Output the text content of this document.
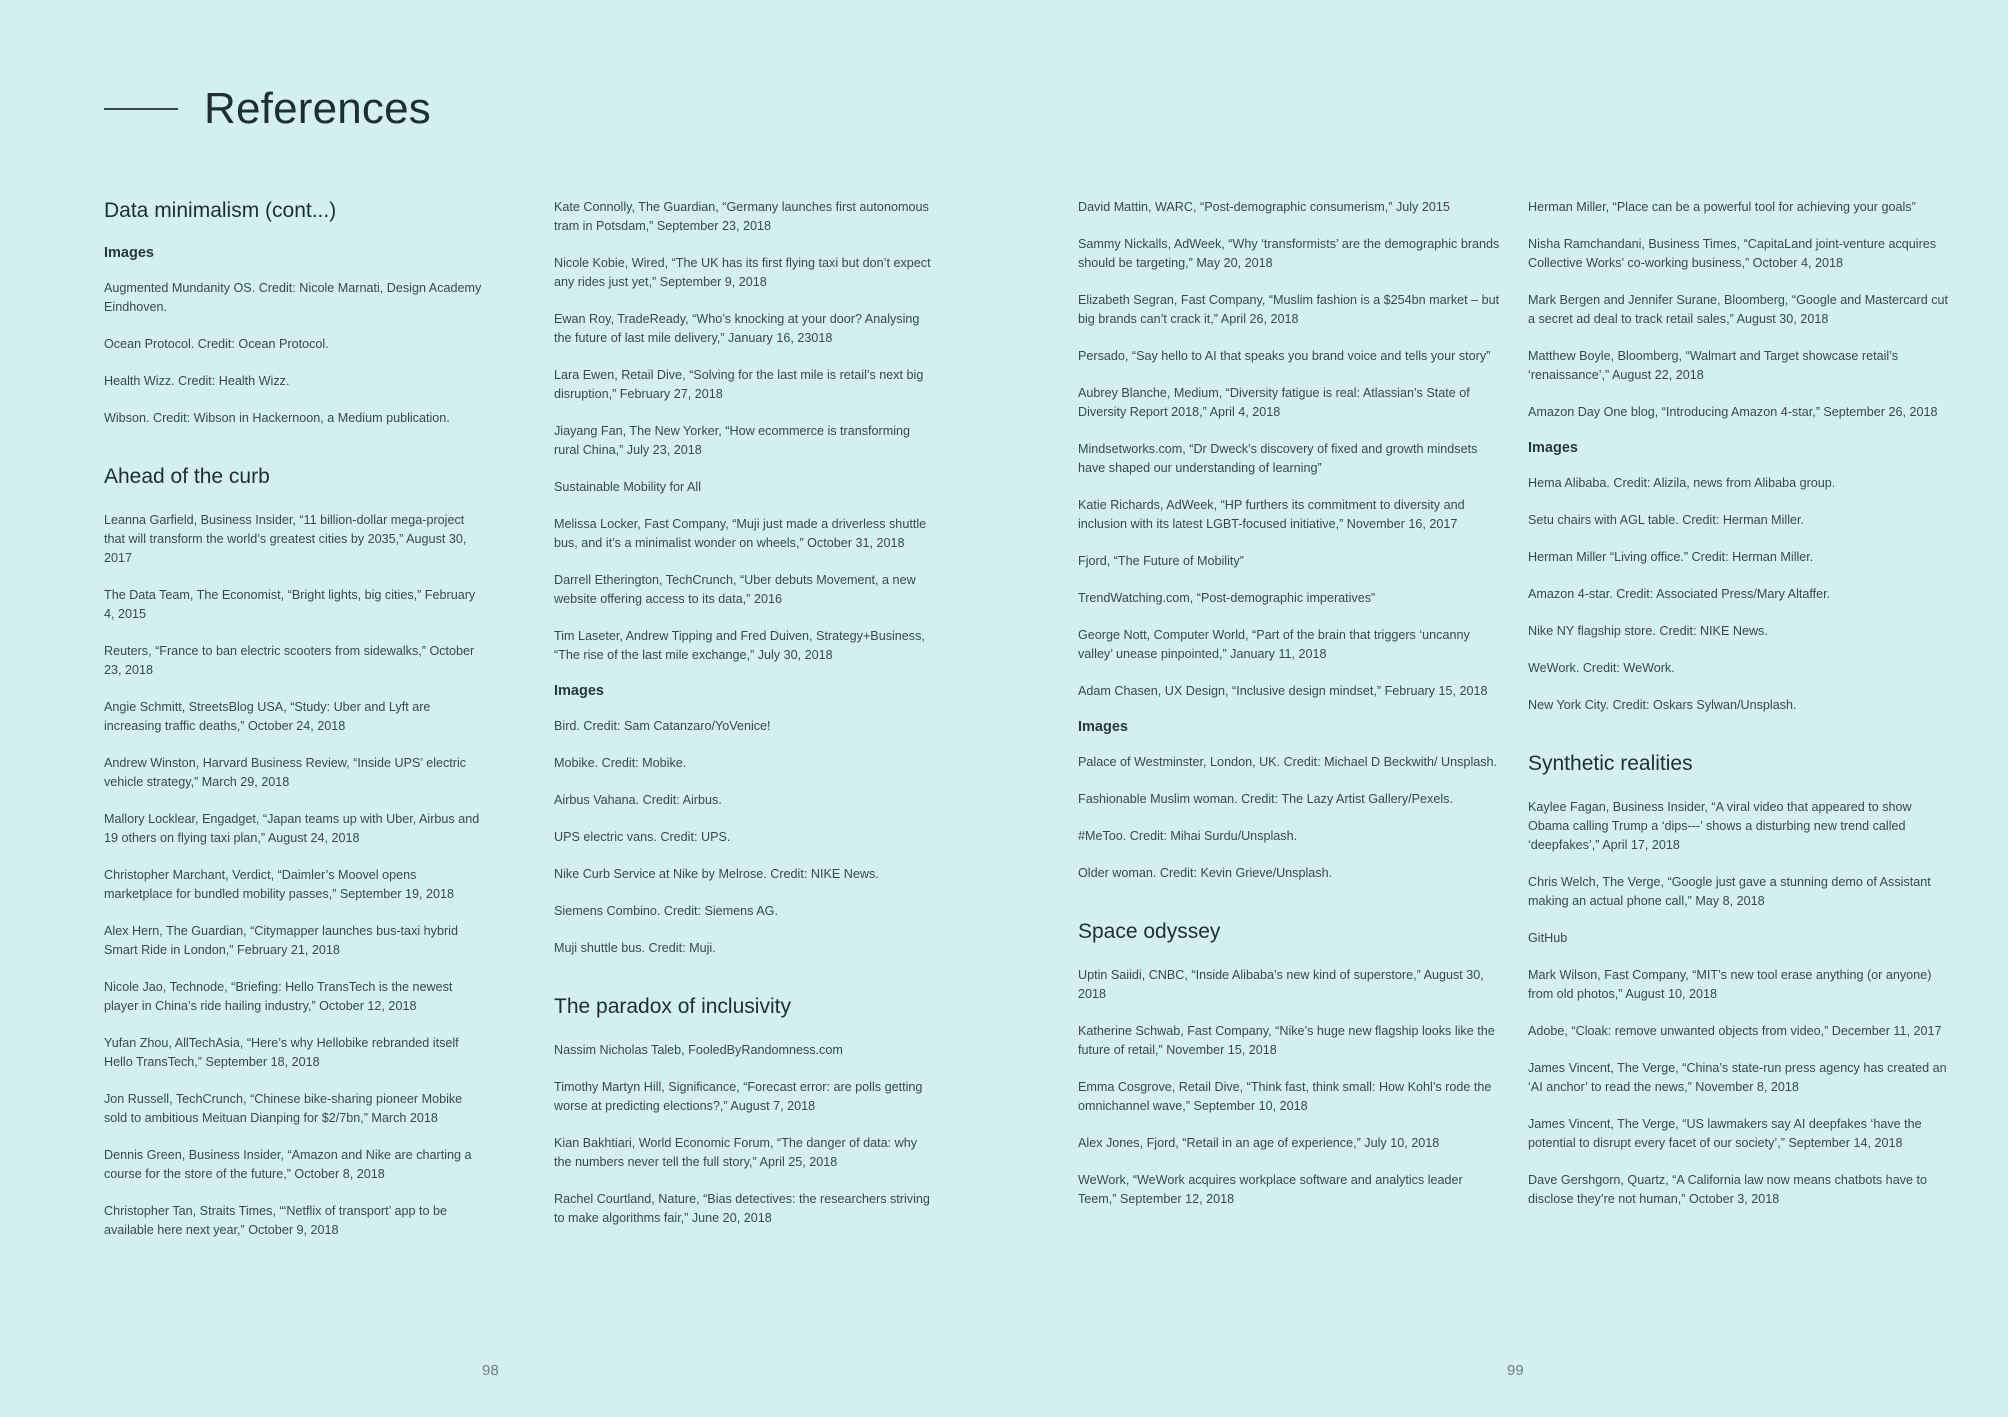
References
Data minimalism (cont...)
Images

Augmented Mundanity OS. Credit: Nicole Marnati, Design Academy Eindhoven.

Ocean Protocol. Credit: Ocean Protocol.

Health Wizz. Credit: Health Wizz.

Wibson. Credit: Wibson in Hackernoon, a Medium publication.

Ahead of the curb

Leanna Garfield, Business Insider, “11 billion-dollar mega-project that will transform the world’s greatest cities by 2035,” August 30, 2017

The Data Team, The Economist, “Bright lights, big cities,” February 4, 2015

Reuters, “France to ban electric scooters from sidewalks,” October 23, 2018

Angie Schmitt, StreetsBlog USA, “Study: Uber and Lyft are increasing traffic deaths,” October 24, 2018

Andrew Winston, Harvard Business Review, “Inside UPS’ electric vehicle strategy,” March 29, 2018

Mallory Locklear, Engadget, “Japan teams up with Uber, Airbus and 19 others on flying taxi plan,” August 24, 2018

Christopher Marchant, Verdict, “Daimler’s Moovel opens marketplace for bundled mobility passes,” September 19, 2018

Alex Hern, The Guardian, “Citymapper launches bus-taxi hybrid Smart Ride in London,” February 21, 2018

Nicole Jao, Technode, “Briefing: Hello TransTech is the newest player in China’s ride hailing industry,” October 12, 2018

Yufan Zhou, AllTechAsia, “Here’s why Hellobike rebranded itself Hello TransTech,” September 18, 2018

Jon Russell, TechCrunch, “Chinese bike-sharing pioneer Mobike sold to ambitious Meituan Dianping for $2/7bn,” March 2018

Dennis Green, Business Insider, “Amazon and Nike are charting a course for the store of the future,” October 8, 2018

Christopher Tan, Straits Times, “‘Netflix of transport’ app to be available here next year,” October 9, 2018

Kate Connolly, The Guardian, “Germany launches first autonomous tram in Potsdam,” September 23, 2018

Nicole Kobie, Wired, “The UK has its first flying taxi but don’t expect any rides just yet,” September 9, 2018

Ewan Roy, TradeReady, “Who’s knocking at your door? Analysing the future of last mile delivery,” January 16, 23018

Lara Ewen, Retail Dive, “Solving for the last mile is retail’s next big disruption,” February 27, 2018

Jiayang Fan, The New Yorker, “How ecommerce is transforming rural China,” July 23, 2018

Sustainable Mobility for All

Melissa Locker, Fast Company, “Muji just made a driverless shuttle bus, and it’s a minimalist wonder on wheels,” October 31, 2018

Darrell Etherington, TechCrunch, “Uber debuts Movement, a new website offering access to its data,” 2016

Tim Laseter, Andrew Tipping and Fred Duiven, Strategy+Business, “The rise of the last mile exchange,” July 30, 2018

Images

Bird. Credit: Sam Catanzaro/YoVenice!

Mobike. Credit: Mobike.

Airbus Vahana. Credit: Airbus.

UPS electric vans. Credit: UPS.

Nike Curb Service at Nike by Melrose. Credit: NIKE News.

Siemens Combino. Credit: Siemens AG.

Muji shuttle bus. Credit: Muji.

The paradox of inclusivity

Nassim Nicholas Taleb, FooledByRandomness.com

Timothy Martyn Hill, Significance, “Forecast error: are polls getting worse at predicting elections?,” August 7, 2018

Kian Bakhtiari, World Economic Forum, “The danger of data: why the numbers never tell the full story,” April 25, 2018

Rachel Courtland, Nature, “Bias detectives: the researchers striving to make algorithms fair,” June 20, 2018

David Mattin, WARC, “Post-demographic consumerism,” July 2015

Sammy Nickalls, AdWeek, “Why ‘transformists’ are the demographic brands should be targeting,” May 20, 2018

Elizabeth Segran, Fast Company, “Muslim fashion is a $254bn market – but big brands can’t crack it,” April 26, 2018

Persado, “Say hello to AI that speaks you brand voice and tells your story”

Aubrey Blanche, Medium, “Diversity fatigue is real: Atlassian’s State of Diversity Report 2018,” April 4, 2018

Mindsetworks.com, “Dr Dweck’s discovery of fixed and growth mindsets have shaped our understanding of learning”

Katie Richards, AdWeek, “HP furthers its commitment to diversity and inclusion with its latest LGBT-focused initiative,” November 16, 2017

Fjord, “The Future of Mobility”

TrendWatching.com, “Post-demographic imperatives”

George Nott, Computer World, “Part of the brain that triggers ‘uncanny valley’ unease pinpointed,” January 11, 2018

Adam Chasen, UX Design, “Inclusive design mindset,” February 15, 2018

Images

Palace of Westminster, London, UK. Credit: Michael D Beckwith/ Unsplash.

Fashionable Muslim woman. Credit: The Lazy Artist Gallery/Pexels.

#MeToo. Credit: Mihai Surdu/Unsplash.

Older woman. Credit: Kevin Grieve/Unsplash.

Space odyssey

Uptin Saiidi, CNBC, “Inside Alibaba’s new kind of superstore,” August 30, 2018

Katherine Schwab, Fast Company, “Nike’s huge new flagship looks like the future of retail,” November 15, 2018

Emma Cosgrove, Retail Dive, “Think fast, think small: How Kohl’s rode the omnichannel wave,” September 10, 2018

Alex Jones, Fjord, “Retail in an age of experience,” July 10, 2018

WeWork, “WeWork acquires workplace software and analytics leader Teem,” September 12, 2018

Herman Miller, “Place can be a powerful tool for achieving your goals”

Nisha Ramchandani, Business Times, “CapitaLand joint-venture acquires Collective Works’ co-working business,” October 4, 2018

Mark Bergen and Jennifer Surane, Bloomberg, “Google and Mastercard cut a secret ad deal to track retail sales,” August 30, 2018

Matthew Boyle, Bloomberg, “Walmart and Target showcase retail’s ‘renaissance’,” August 22, 2018

Amazon Day One blog, “Introducing Amazon 4-star,” September 26, 2018

Images

Hema Alibaba. Credit: Alizila, news from Alibaba group.

Setu chairs with AGL table. Credit: Herman Miller.

Herman Miller “Living office.” Credit: Herman Miller.

Amazon 4-star. Credit: Associated Press/Mary Altaffer.

Nike NY flagship store. Credit: NIKE News.

WeWork. Credit: WeWork.

New York City. Credit: Oskars Sylwan/Unsplash.

Synthetic realities

Kaylee Fagan, Business Insider, “A viral video that appeared to show Obama calling Trump a ‘dips---’ shows a disturbing new trend called ‘deepfakes’,” April 17, 2018

Chris Welch, The Verge, “Google just gave a stunning demo of Assistant making an actual phone call,” May 8, 2018

GitHub

Mark Wilson, Fast Company, “MIT’s new tool erase anything (or anyone) from old photos,” August 10, 2018

Adobe, “Cloak: remove unwanted objects from video,” December 11, 2017

James Vincent, The Verge, “China’s state-run press agency has created an ‘AI anchor’ to read the news,” November 8, 2018

James Vincent, The Verge, “US lawmakers say AI deepfakes ‘have the potential to disrupt every facet of our society’,” September 14, 2018

Dave Gershgorn, Quartz, “A California law now means chatbots have to disclose they’re not human,” October 3, 2018

98	99
